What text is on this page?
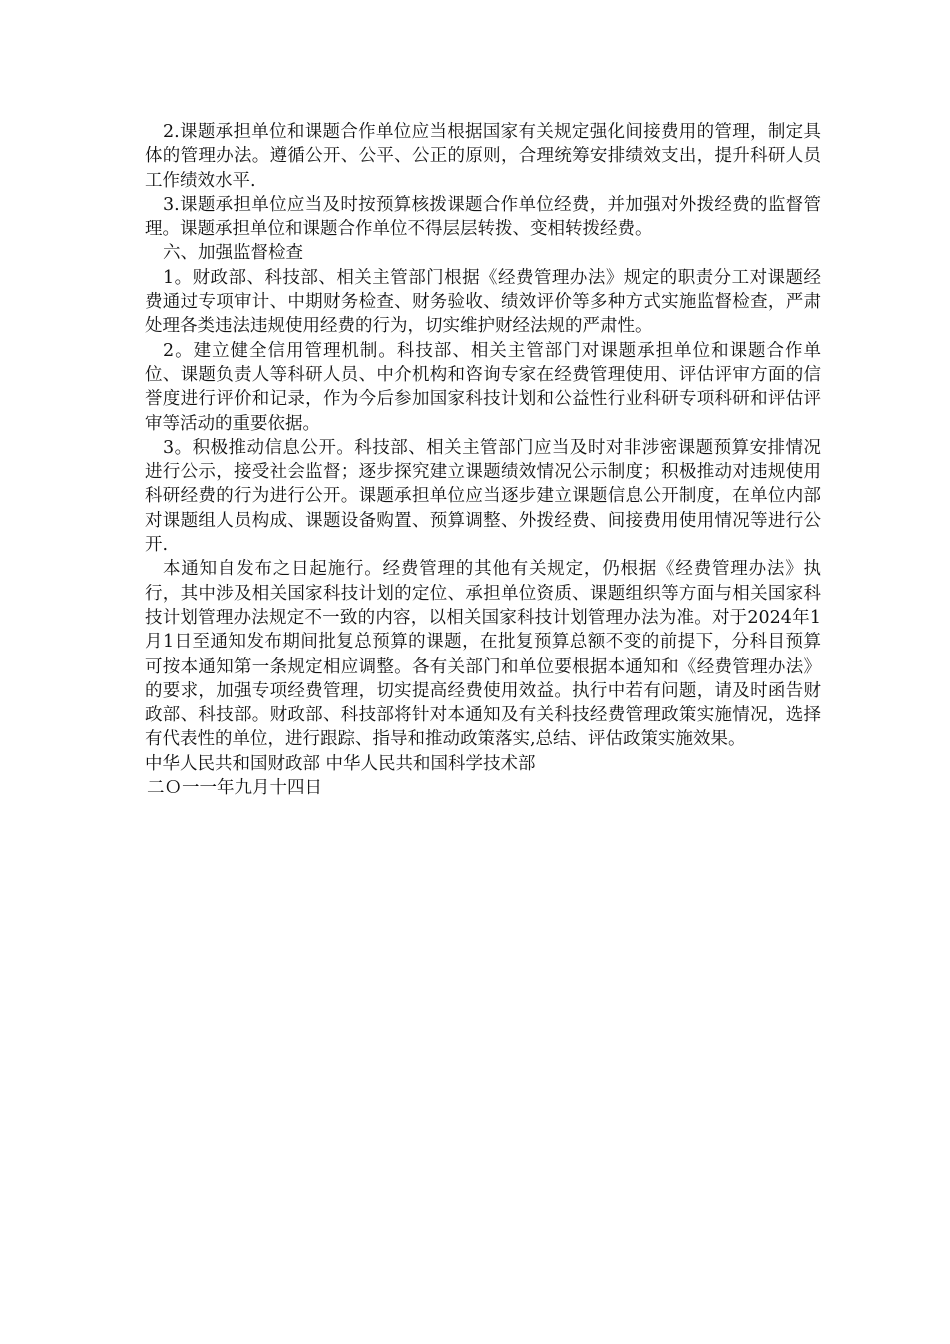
2.课题承担单位和课题合作单位应当根据国家有关规定强化间接费用的管理，制定具体的管理办法。遵循公开、公平、公正的原则，合理统筹安排绩效支出，提升科研人员工作绩效水平.

3.课题承担单位应当及时按预算核拨课题合作单位经费，并加强对外拨经费的监督管理。课题承担单位和课题合作单位不得层层转拨、变相转拨经费。

六、加强监督检查

1。财政部、科技部、相关主管部门根据《经费管理办法》规定的职责分工对课题经费通过专项审计、中期财务检查、财务验收、绩效评价等多种方式实施监督检查，严肃处理各类违法违规使用经费的行为，切实维护财经法规的严肃性。

2。建立健全信用管理机制。科技部、相关主管部门对课题承担单位和课题合作单位、课题负责人等科研人员、中介机构和咨询专家在经费管理使用、评估评审方面的信誉度进行评价和记录，作为今后参加国家科技计划和公益性行业科研专项科研和评估评审等活动的重要依据。

3。积极推动信息公开。科技部、相关主管部门应当及时对非涉密课题预算安排情况进行公示，接受社会监督；逐步探究建立课题绩效情况公示制度；积极推动对违规使用科研经费的行为进行公开。课题承担单位应当逐步建立课题信息公开制度，在单位内部对课题组人员构成、课题设备购置、预算调整、外拨经费、间接费用使用情况等进行公开.

本通知自发布之日起施行。经费管理的其他有关规定，仍根据《经费管理办法》执行，其中涉及相关国家科技计划的定位、承担单位资质、课题组织等方面与相关国家科技计划管理办法规定不一致的内容，以相关国家科技计划管理办法为准。对于2024年1月1日至通知发布期间批复总预算的课题，在批复预算总额不变的前提下，分科目预算可按本通知第一条规定相应调整。各有关部门和单位要根据本通知和《经费管理办法》的要求，加强专项经费管理，切实提高经费使用效益。执行中若有问题，请及时函告财政部、科技部。财政部、科技部将针对本通知及有关科技经费管理政策实施情况，选择有代表性的单位，进行跟踪、指导和推动政策落实,总结、评估政策实施效果。

中华人民共和国财政部 中华人民共和国科学技术部

二Ｏ一一年九月十四日
